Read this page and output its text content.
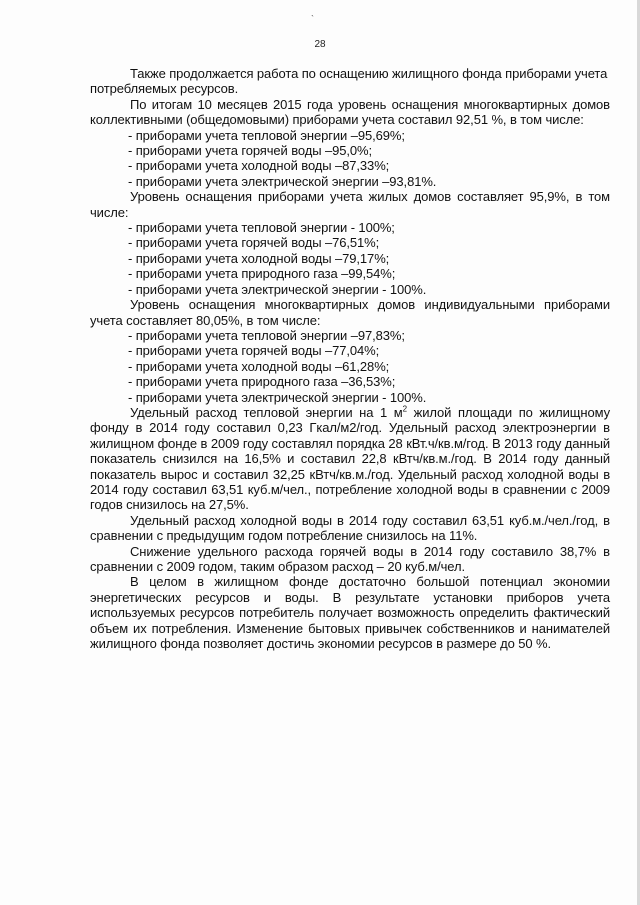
`
28

Также продолжается работа по оснащению жилищного фонда приборами учета потребляемых ресурсов.

По итогам 10 месяцев 2015 года уровень оснащения многоквартирных домов коллективными (общедомовыми) приборами учета составил 92,51 %, в том числе:

- приборами учета тепловой энергии –95,69%;

- приборами учета горячей воды –95,0%;

- приборами учета холодной воды –87,33%;

- приборами учета электрической энергии –93,81%.

Уровень оснащения приборами учета жилых домов составляет 95,9%, в том числе:

- приборами учета тепловой энергии - 100%;

- приборами учета горячей воды –76,51%;

- приборами учета холодной воды –79,17%;

- приборами учета природного газа –99,54%;

- приборами учета электрической энергии - 100%.

Уровень оснащения многоквартирных домов индивидуальными приборами учета составляет 80,05%, в том числе:

- приборами учета тепловой энергии –97,83%;

- приборами учета горячей воды –77,04%;

- приборами учета холодной воды –61,28%;

- приборами учета природного газа –36,53%;

- приборами учета электрической энергии - 100%.

Удельный расход тепловой энергии на 1 $м^2$ жилой площади по жилищному фонду в 2014 году составил 0,23 Гкал/м2/год. Удельный расход электроэнергии в жилищном фонде в 2009 году составлял порядка 28 кВт.ч/кв.м/год. В 2013 году данный показатель снизился на 16,5% и составил 22,8 кВтч/кв.м./год. В 2014 году данный показатель вырос и составил 32,25 кВтч/кв.м./год. Удельный расход холодной воды в 2014 году составил 63,51 куб.м/чел., потребление холодной воды в сравнении с 2009 годов снизилось на 27,5%.

Удельный расход холодной воды в 2014 году составил 63,51 куб.м./чел./год, в сравнении с предыдущим годом потребление снизилось на 11%.

Снижение удельного расхода горячей воды в 2014 году составило 38,7% в сравнении с 2009 годом, таким образом расход – 20 куб.м/чел.

В целом в жилищном фонде достаточно большой потенциал экономии энергетических ресурсов и воды. В результате установки приборов учета используемых ресурсов потребитель получает возможность определить фактический объем их потребления. Изменение бытовых привычек собственников и нанимателей жилищного фонда позволяет достичь экономии ресурсов в размере до 50 %.
